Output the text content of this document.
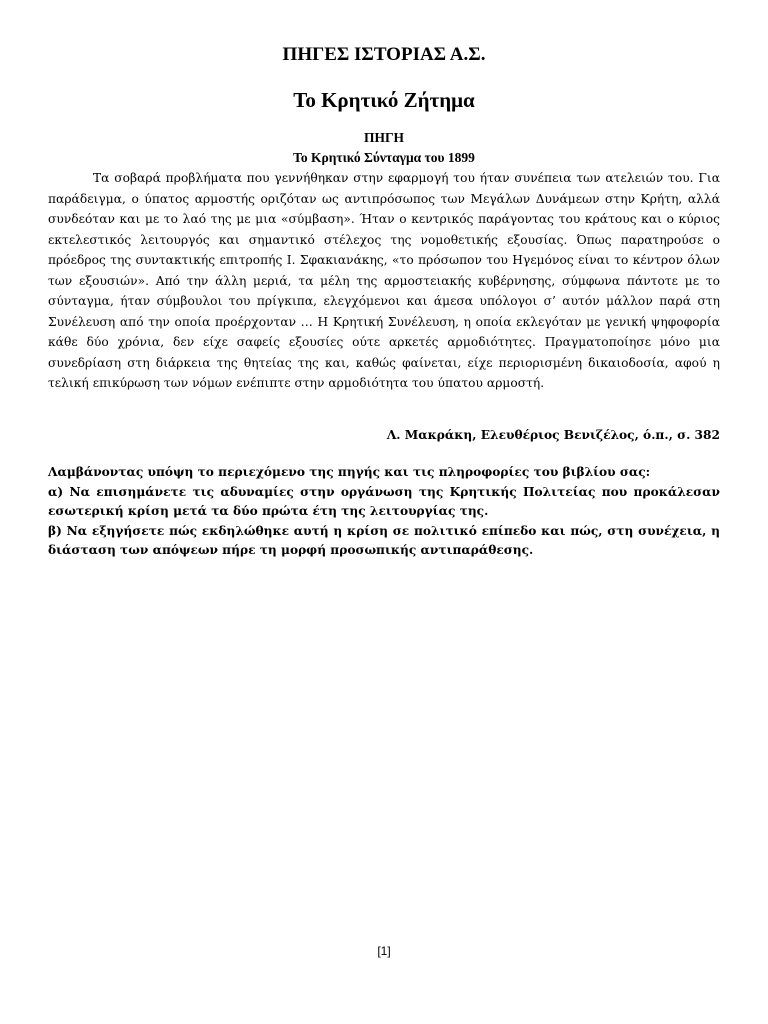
ΠΗΓΕΣ ΙΣΤΟΡΙΑΣ Α.Σ.
Το Κρητικό Ζήτημα
ΠΗΓΗ
Το Κρητικό Σύνταγμα του 1899

Τα σοβαρά προβλήματα που γεννήθηκαν στην εφαρμογή του ήταν συνέπεια των ατελειών του. Για παράδειγμα, ο ύπατος αρμοστής οριζόταν ως αντιπρόσωπος των Μεγάλων Δυνάμεων στην Κρήτη, αλλά συνδεόταν και με το λαό της με μια «σύμβαση». Ήταν ο κεντρικός παράγοντας του κράτους και ο κύριος εκτελεστικός λειτουργός και σημαντικό στέλεχος της νομοθετικής εξουσίας. Όπως παρατηρούσε ο πρόεδρος της συντακτικής επιτροπής Ι. Σφακιανάκης, «το πρόσωπον του Ηγεμόνος είναι το κέντρον όλων των εξουσιών». Από την άλλη μεριά, τα μέλη της αρμοστειακής κυβέρνησης, σύμφωνα πάντοτε με το σύνταγμα, ήταν σύμβουλοι του πρίγκιπα, ελεγχόμενοι και άμεσα υπόλογοι σ’ αυτόν μάλλον παρά στη Συνέλευση από την οποία προέρχονταν … Η Κρητική Συνέλευση, η οποία εκλεγόταν με γενική ψηφοφορία κάθε δύο χρόνια, δεν είχε σαφείς εξουσίες ούτε αρκετές αρμοδιότητες. Πραγματοποίησε μόνο μια συνεδρίαση στη διάρκεια της θητείας της και, καθώς φαίνεται, είχε περιορισμένη δικαιοδοσία, αφού η τελική επικύρωση των νόμων ενέπιπτε στην αρμοδιότητα του ύπατου αρμοστή.

Λ. Μακράκη, Ελευθέριος Βενιζέλος, ό.π., σ. 382

Λαμβάνοντας υπόψη το περιεχόμενο της πηγής και τις πληροφορίες του βιβλίου σας:

α) Να επισημάνετε τις αδυναμίες στην οργάνωση της Κρητικής Πολιτείας που προκάλεσαν εσωτερική κρίση μετά τα δύο πρώτα έτη της λειτουργίας της.

β) Να εξηγήσετε πώς εκδηλώθηκε αυτή η κρίση σε πολιτικό επίπεδο και πώς, στη συνέχεια, η διάσταση των απόψεων πήρε τη μορφή προσωπικής αντιπαράθεσης.

[1]
